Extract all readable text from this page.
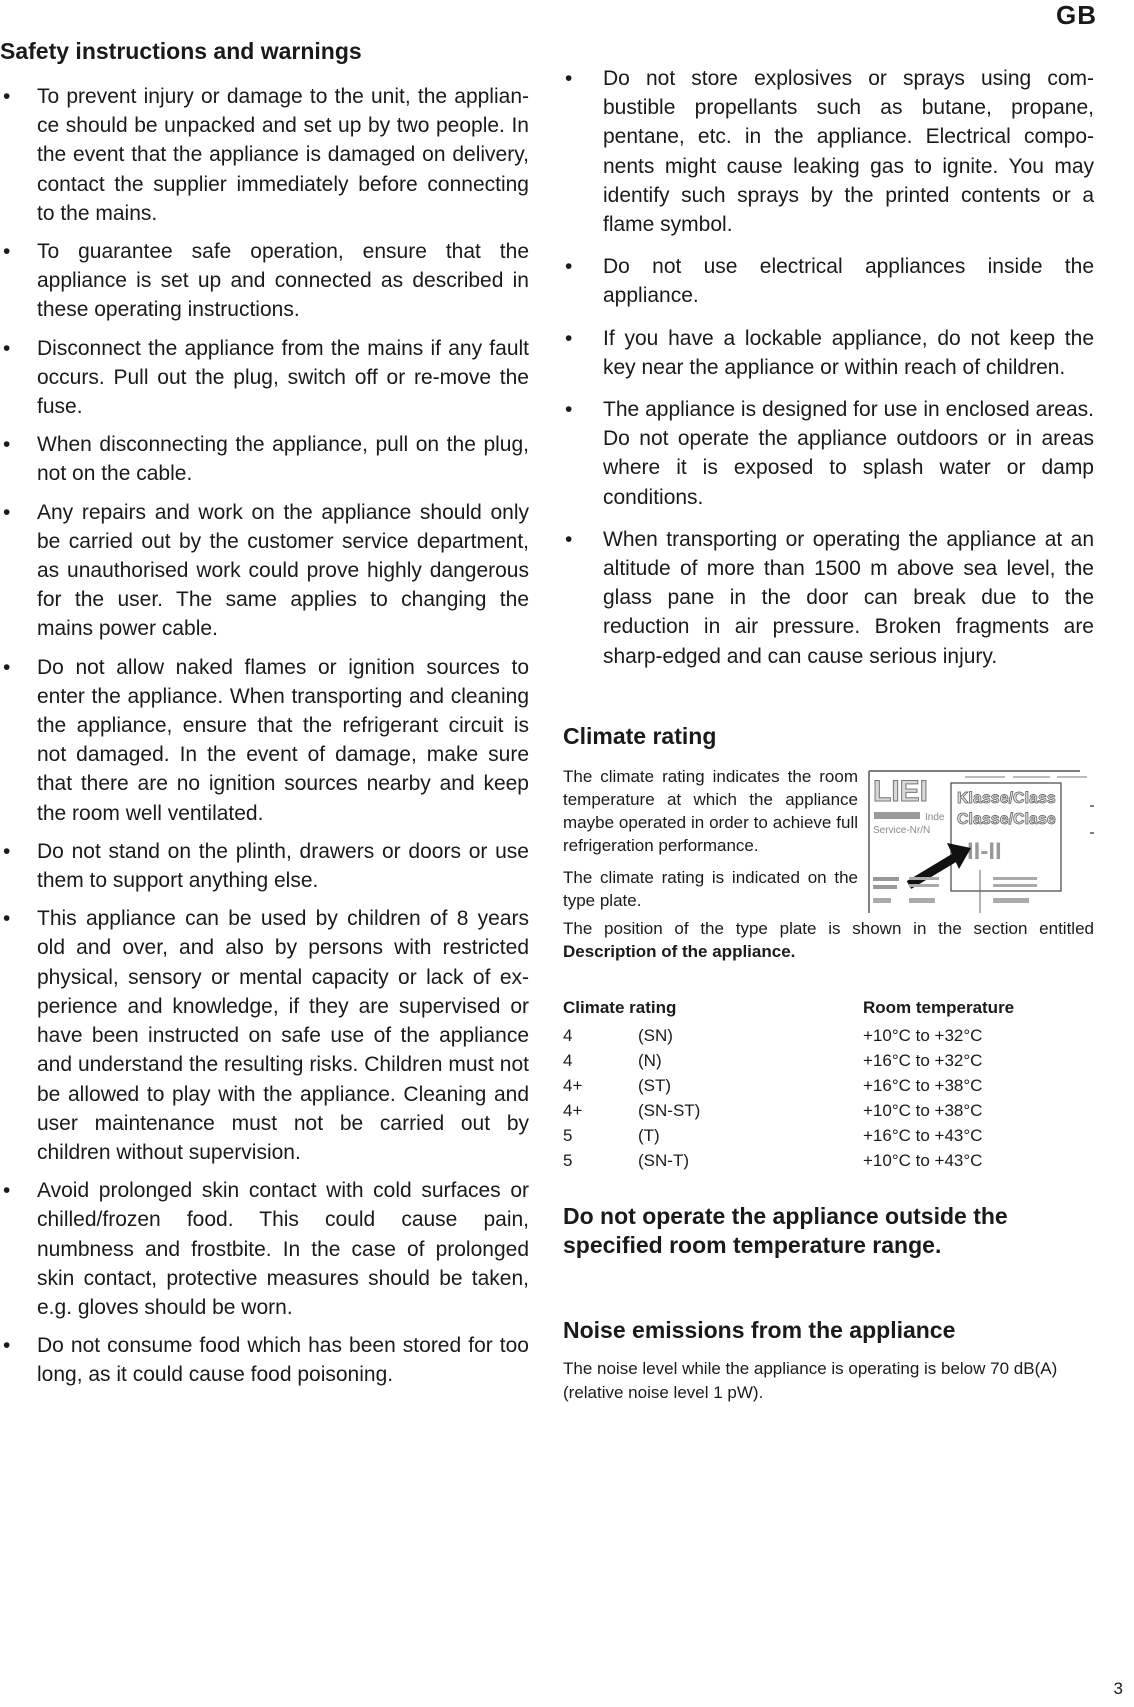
GB
Safety instructions and warnings
•	To prevent injury or damage to the unit, the applian-ce should be unpacked and set up by two people. In the event that the appliance is damaged on delivery, contact the supplier immediately before connecting to the mains.
•	To guarantee safe operation, ensure that the appliance is set up and connected as described in these operating instructions.
•	Disconnect the appliance from the mains if any fault occurs. Pull out the plug, switch off or re-move the fuse.
•	When disconnecting the appliance, pull on the plug, not on the cable.
•	Any repairs and work on the appliance should only be carried out by the customer service department, as unauthorised work could prove highly dangerous for the user. The same applies to changing the mains power cable.
•	Do not allow naked flames or ignition sources to enter the appliance. When transporting and cleaning the appliance, ensure that the refrigerant circuit is not damaged. In the event of damage, make sure that there are no ignition sources nearby and keep the room well ventilated.
•	Do not stand on the plinth, drawers or doors or use them to support anything else.
•	This appliance can be used by children of 8 years old and over, and also by persons with restricted physical, sensory or mental capacity or lack of ex-perience and knowledge, if they are supervised or have been instructed on safe use of the appliance and understand the resulting risks. Children must not be allowed to play with the appliance. Cleaning and user maintenance must not be carried out by children without supervision.
•	Avoid prolonged skin contact with cold surfaces or chilled/frozen food. This could cause pain, numbness and frostbite. In the case of prolonged skin contact, protective measures should be taken, e.g. gloves should be worn.
•	Do not consume food which has been stored for too long, as it could cause food poisoning.
•	Do not store explosives or sprays using com-bustible propellants such as butane, propane, pentane, etc. in the appliance. Electrical compo-nents might cause leaking gas to ignite. You may identify such sprays by the printed contents or a flame symbol.
•	Do not use electrical appliances inside the appliance.
•	If you have a lockable appliance, do not keep the key near the appliance or within reach of children.
•	The appliance is designed for use in enclosed areas. Do not operate the appliance outdoors or in areas where it is exposed to splash water or damp conditions.
•	When transporting or operating the appliance at an altitude of more than 1500 m above sea level, the glass pane in the door can break due to the reduction in air pressure. Broken fragments are sharp-edged and can cause serious injury.
Climate rating

The climate rating indicates the room temperature at which the appliance maybe operated in order to achieve full refrigeration performance.

The climate rating is indicated on the type plate.

LIEI
Inde
Service-Nr/N
Klasse/Class
Classe/Clase
II-II

The position of the type plate is shown in the section entitled Description of the appliance.

Climate rating		Room temperature
4	(SN)	+10°C to +32°C
4	(N)	+16°C to +32°C
4+	(ST)	+16°C to +38°C
4+	(SN-ST)	+10°C to +38°C
5	(T)	+16°C to +43°C
5	(SN-T)	+10°C to +43°C

Do not operate the appliance outside the specified room temperature range.

Noise emissions from the appliance

The noise level while the appliance is operating is below 70 dB(A) (relative noise level 1 pW).

3
